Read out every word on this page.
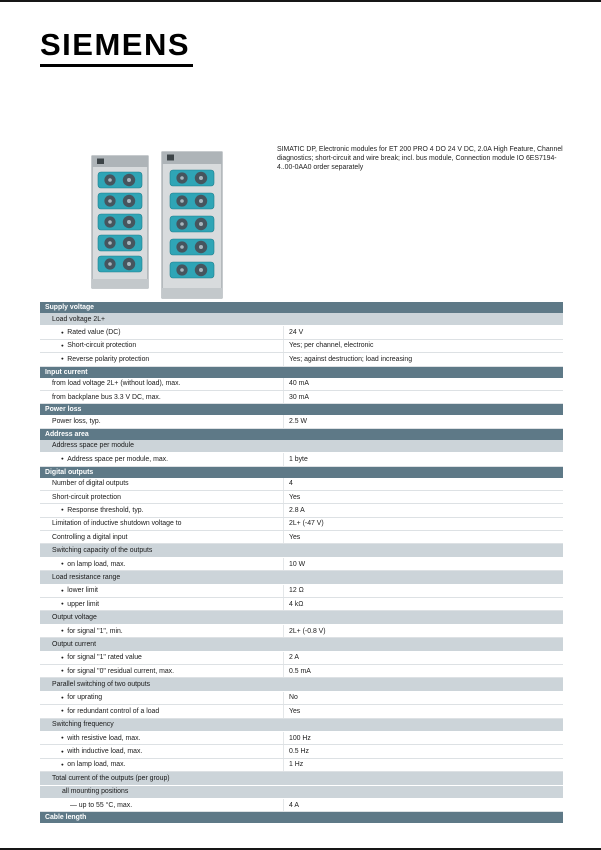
SIEMENS

SIMATIC DP, Electronic modules for ET 200 PRO 4 DO 24 V DC, 2.0A High Feature, Channel diagnostics; short-circuit and wire break; incl. bus module, Connection module IO 6ES7194-4..00-0AA0 order separately

Supply voltage
Load voltage 2L+
● Rated value (DC)	24 V
● Short-circuit protection	Yes; per channel, electronic
● Reverse polarity protection	Yes; against destruction; load increasing
Input current
from load voltage 2L+ (without load), max.	40 mA
from backplane bus 3.3 V DC, max.	30 mA
Power loss
Power loss, typ.	2.5 W
Address area
Address space per module
● Address space per module, max.	1 byte
Digital outputs
Number of digital outputs	4
Short-circuit protection	Yes
● Response threshold, typ.	2.8 A
Limitation of inductive shutdown voltage to	2L+ (-47 V)
Controlling a digital input	Yes
Switching capacity of the outputs
● on lamp load, max.	10 W
Load resistance range
● lower limit	12 Ω
● upper limit	4 kΩ
Output voltage
● for signal "1", min.	2L+ (-0.8 V)
Output current
● for signal "1" rated value	2 A
● for signal "0" residual current, max.	0.5 mA
Parallel switching of two outputs
● for uprating	No
● for redundant control of a load	Yes
Switching frequency
● with resistive load, max.	100 Hz
● with inductive load, max.	0.5 Hz
● on lamp load, max.	1 Hz
Total current of the outputs (per group)
all mounting positions
— up to 55 °C, max.	4 A
Cable length
